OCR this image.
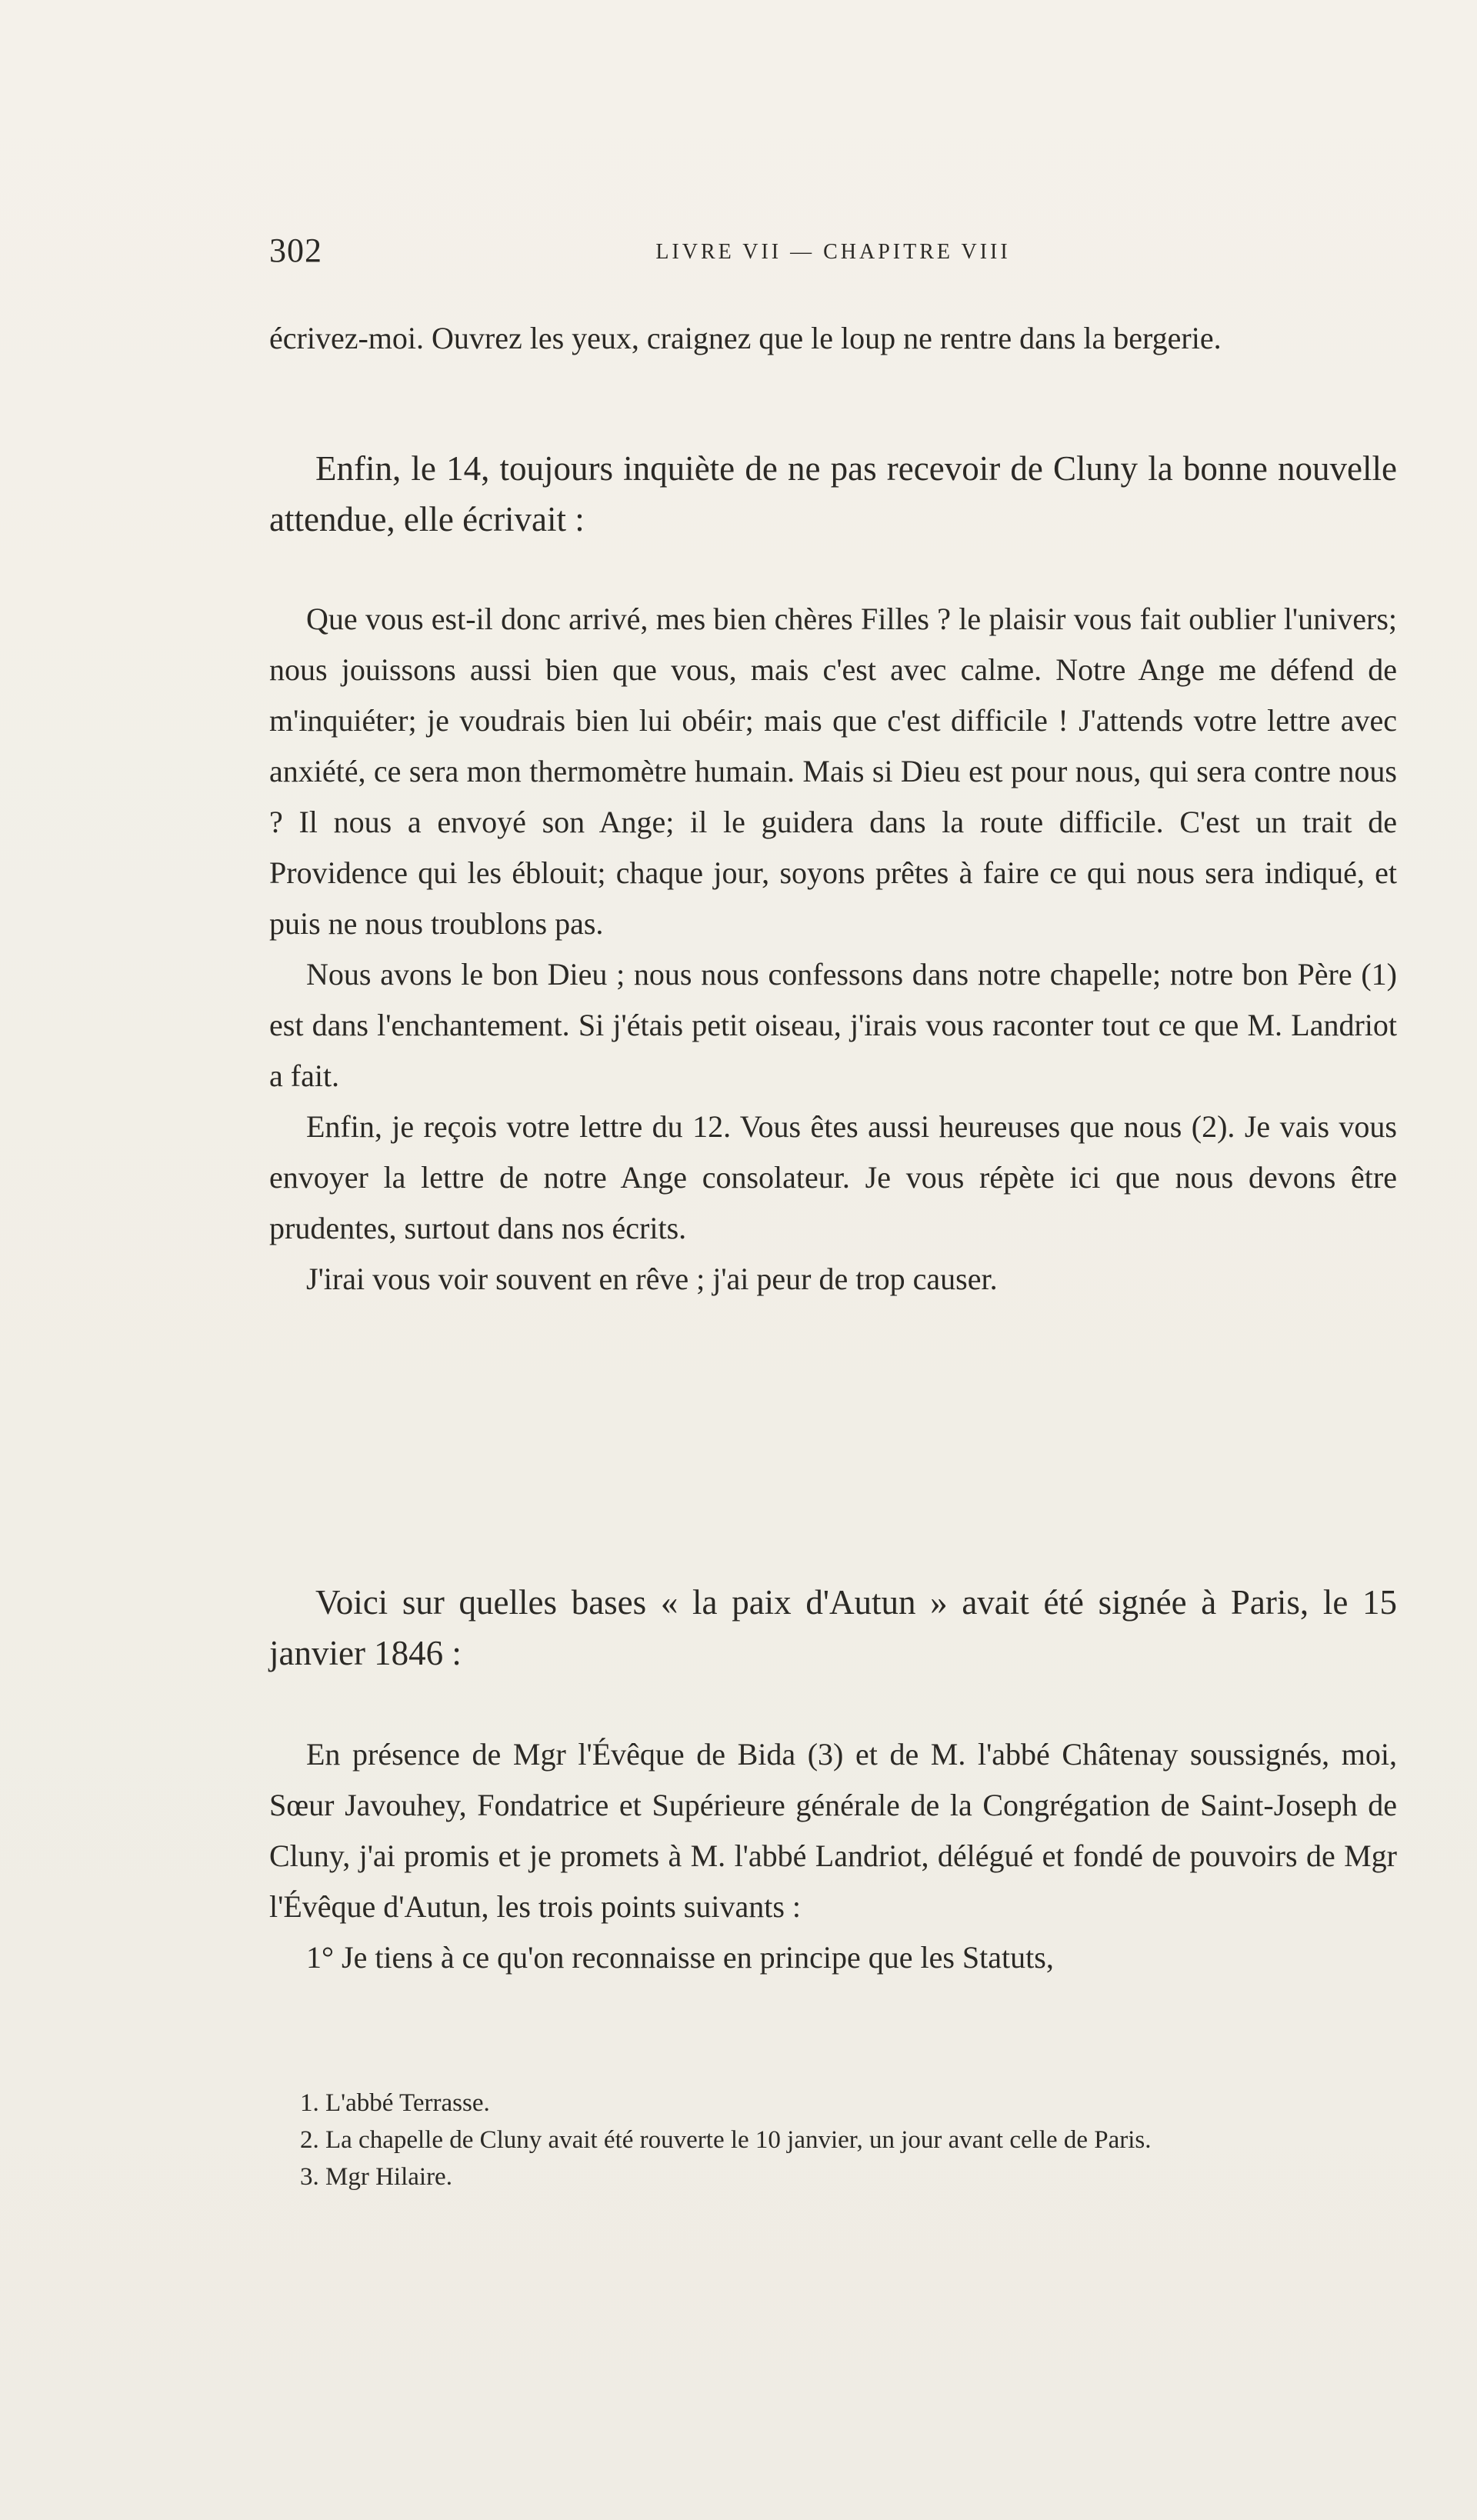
302	LIVRE VII — CHAPITRE VIII

écrivez-moi. Ouvrez les yeux, craignez que le loup ne rentre dans la bergerie.

Enfin, le 14, toujours inquiète de ne pas recevoir de Cluny la bonne nouvelle attendue, elle écrivait :

Que vous est-il donc arrivé, mes bien chères Filles ? le plaisir vous fait oublier l'univers; nous jouissons aussi bien que vous, mais c'est avec calme. Notre Ange me défend de m'inquiéter; je voudrais bien lui obéir; mais que c'est difficile ! J'attends votre lettre avec anxiété, ce sera mon thermomètre humain. Mais si Dieu est pour nous, qui sera contre nous ? Il nous a envoyé son Ange; il le guidera dans la route difficile. C'est un trait de Providence qui les éblouit; chaque jour, soyons prêtes à faire ce qui nous sera indiqué, et puis ne nous troublons pas.

Nous avons le bon Dieu ; nous nous confessons dans notre chapelle; notre bon Père (1) est dans l'enchantement. Si j'étais petit oiseau, j'irais vous raconter tout ce que M. Landriot a fait.

Enfin, je reçois votre lettre du 12. Vous êtes aussi heureuses que nous (2). Je vais vous envoyer la lettre de notre Ange consolateur. Je vous répète ici que nous devons être prudentes, surtout dans nos écrits.

J'irai vous voir souvent en rêve ; j'ai peur de trop causer.

Voici sur quelles bases « la paix d'Autun » avait été signée à Paris, le 15 janvier 1846 :

En présence de Mgr l'Évêque de Bida (3) et de M. l'abbé Châtenay soussignés, moi, Sœur Javouhey, Fondatrice et Supérieure générale de la Congrégation de Saint-Joseph de Cluny, j'ai promis et je promets à M. l'abbé Landriot, délégué et fondé de pouvoirs de Mgr l'Évêque d'Autun, les trois points suivants :

1° Je tiens à ce qu'on reconnaisse en principe que les Statuts,

1. L'abbé Terrasse.

2. La chapelle de Cluny avait été rouverte le 10 janvier, un jour avant celle de Paris.

3. Mgr Hilaire.
